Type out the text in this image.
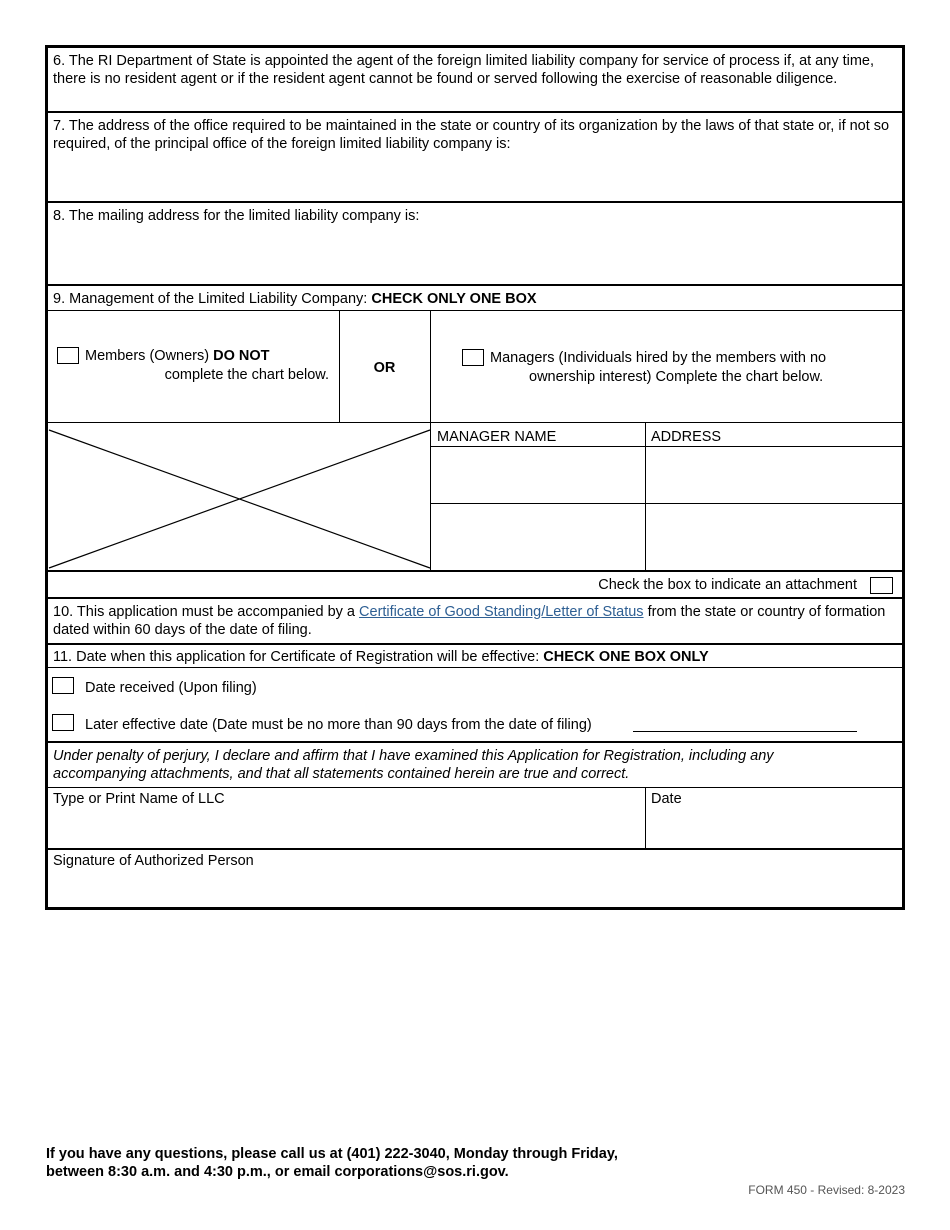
6. The RI Department of State is appointed the agent of the foreign limited liability company for service of process if, at any time, there is no resident agent or if the resident agent cannot be found or served following the exercise of reasonable diligence.
7. The address of the office required to be maintained in the state or country of its organization by the laws of that state or, if not so required, of the principal office of the foreign limited liability company is:
8. The mailing address for the limited liability company is:
9. Management of the Limited Liability Company: CHECK ONLY ONE BOX
Members (Owners) DO NOT
complete the chart below.	OR
Managers (Individuals hired by the members with no
ownership interest) Complete the chart below.
MANAGER NAME	ADDRESS
Check the box to indicate an attachment
10. This application must be accompanied by a Certificate of Good Standing/Letter of Status from the state or country of formation dated within 60 days of the date of filing.
11. Date when this application for Certificate of Registration will be effective: CHECK ONE BOX ONLY
Date received (Upon filing)
Later effective date (Date must be no more than 90 days from the date of filing)
Under penalty of perjury, I declare and affirm that I have examined this Application for Registration, including any accompanying attachments, and that all statements contained herein are true and correct.
Type or Print Name of LLC	Date
Signature of Authorized Person
If you have any questions, please call us at (401) 222-3040, Monday through Friday,
between 8:30 a.m. and 4:30 p.m., or email corporations@sos.ri.gov.
FORM 450 - Revised: 8-2023
